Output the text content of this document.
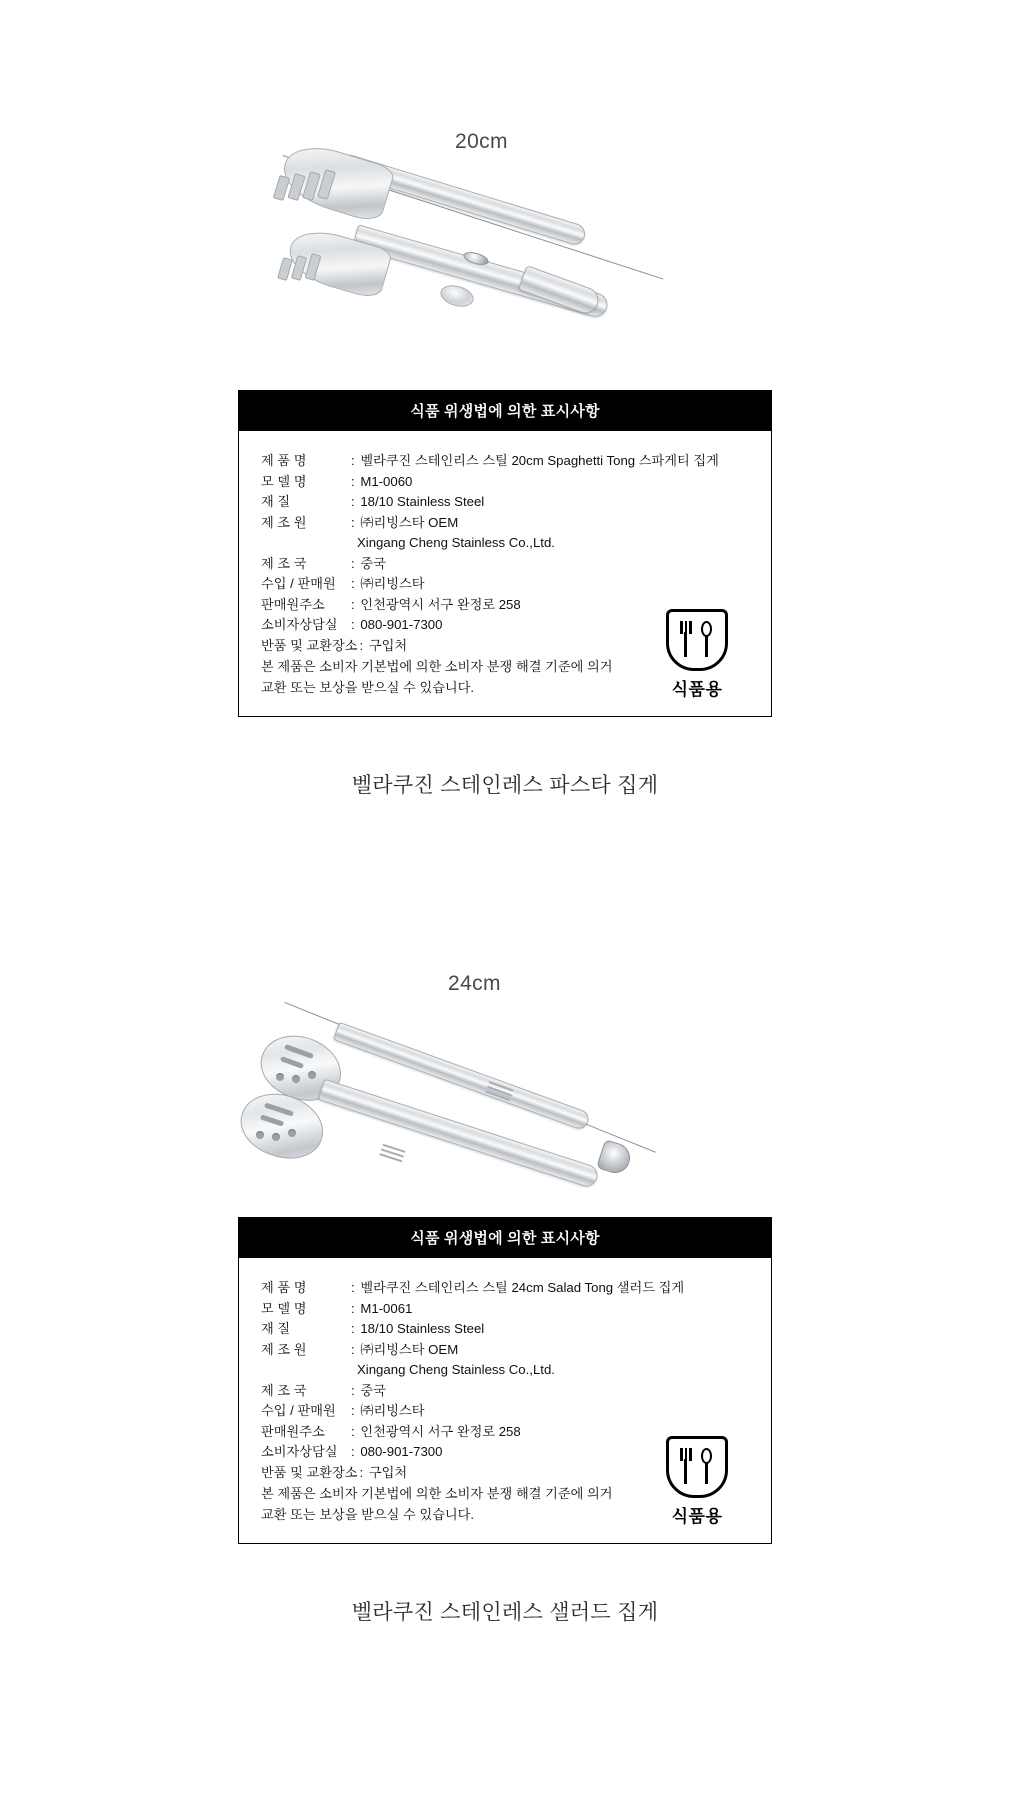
20cm
식품 위생법에 의한 표시사항
제 품 명	: 벨라쿠진 스테인리스 스틸 20cm Spaghetti Tong 스파게티 집게
모 델 명	: M1-0060
재 질	: 18/10 Stainless Steel
제 조 원	: ㈜리빙스타 OEM
Xingang Cheng Stainless Co.,Ltd.
제 조 국	: 중국
수입 / 판매원 : ㈜리빙스타
판매원주소 : 인천광역시 서구 완정로 258
소비자상담실 : 080-901-7300
반품 및 교환장소 : 구입처
본 제품은 소비자 기본법에 의한 소비자 분쟁 해결 기준에 의거 교환 또는 보상을 받으실 수 있습니다.	식품용
벨라쿠진 스테인레스 파스타 집게
24cm
식품 위생법에 의한 표시사항
제 품 명	: 벨라쿠진 스테인리스 스틸 24cm Salad Tong 샐러드 집게
모 델 명	: M1-0061
재 질	: 18/10 Stainless Steel
제 조 원	: ㈜리빙스타 OEM
Xingang Cheng Stainless Co.,Ltd.
제 조 국	: 중국
수입 / 판매원 : ㈜리빙스타
판매원주소 : 인천광역시 서구 완정로 258
소비자상담실 : 080-901-7300
반품 및 교환장소 : 구입처
본 제품은 소비자 기본법에 의한 소비자 분쟁 해결 기준에 의거 교환 또는 보상을 받으실 수 있습니다.	식품용
벨라쿠진 스테인레스 샐러드 집게
